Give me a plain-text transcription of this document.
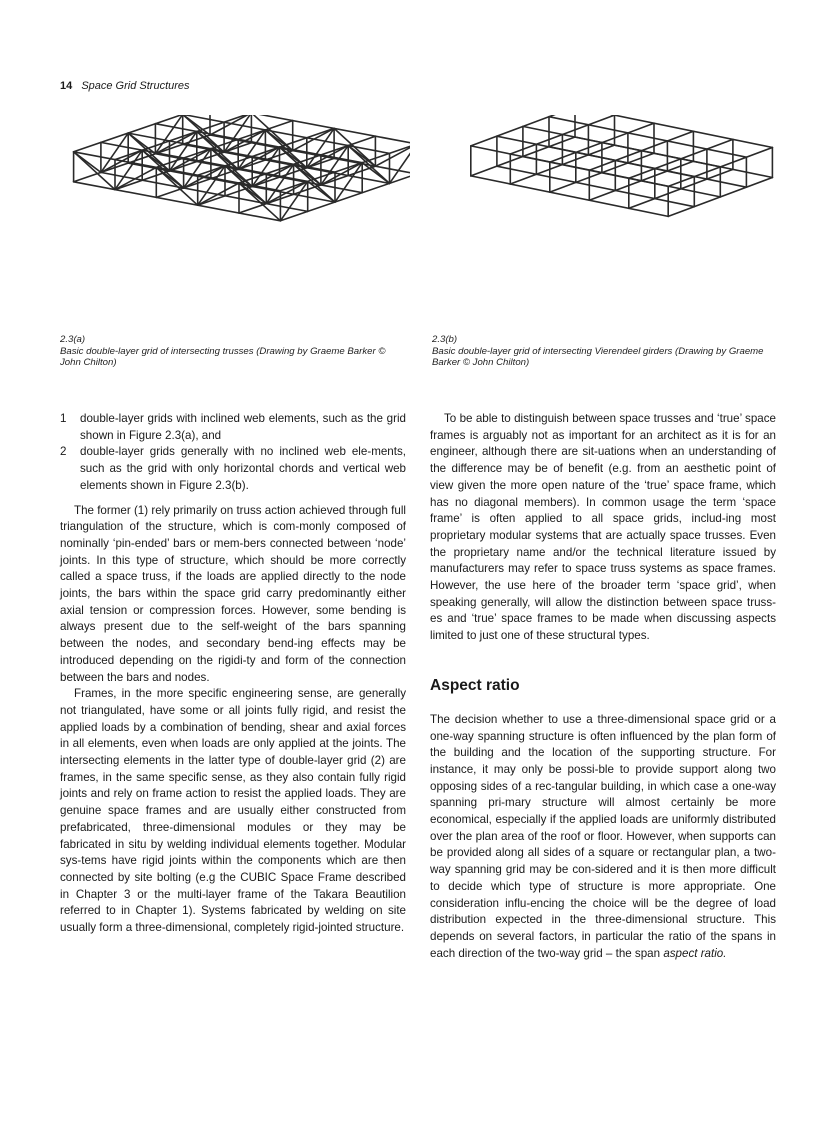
14 Space Grid Structures
2.3(a)
Basic double-layer grid of intersecting trusses (Drawing by Graeme Barker © John Chilton)
2.3(b)
Basic double-layer grid of intersecting Vierendeel girders (Drawing by Graeme Barker © John Chilton)
1 double-layer grids with inclined web elements, such as the grid shown in Figure 2.3(a), and
2 double-layer grids generally with no inclined web ele-ments, such as the grid with only horizontal chords and vertical web elements shown in Figure 2.3(b).

The former (1) rely primarily on truss action achieved through full triangulation of the structure, which is com-monly composed of nominally ‘pin-ended’ bars or mem-bers connected between ‘node’ joints. In this type of structure, which should be more correctly called a space truss, if the loads are applied directly to the node joints, the bars within the space grid carry predominantly either axial tension or compression forces. However, some bending is always present due to the self-weight of the bars spanning between the nodes, and secondary bend-ing effects may be introduced depending on the rigidi-ty and form of the connection between the bars and nodes.

Frames, in the more specific engineering sense, are generally not triangulated, have some or all joints fully rigid, and resist the applied loads by a combination of bending, shear and axial forces in all elements, even when loads are only applied at the joints. The intersecting elements in the latter type of double-layer grid (2) are frames, in the same specific sense, as they also contain fully rigid joints and rely on frame action to resist the applied loads. They are genuine space frames and are usually either constructed from prefabricated, three-dimensional modules or they may be fabricated in situ by welding individual elements together. Modular sys-tems have rigid joints within the components which are then connected by site bolting (e.g the CUBIC Space Frame described in Chapter 3 or the multi-layer frame of the Takara Beautilion referred to in Chapter 1). Systems fabricated by welding on site usually form a three-dimensional, completely rigid-jointed structure.

To be able to distinguish between space trusses and ‘true’ space frames is arguably not as important for an architect as it is for an engineer, although there are sit-uations when an understanding of the difference may be of benefit (e.g. from an aesthetic point of view given the more open nature of the ‘true’ space frame, which has no diagonal members). In common usage the term ‘space frame’ is often applied to all space grids, includ-ing most proprietary modular systems that are actually space trusses. Even the proprietary name and/or the technical literature issued by manufacturers may refer to space truss systems as space frames. However, the use here of the broader term ‘space grid’, when speaking generally, will allow the distinction between space truss-es and ‘true’ space frames to be made when discussing aspects limited to just one of these structural types.

Aspect ratio

The decision whether to use a three-dimensional space grid or a one-way spanning structure is often influenced by the plan form of the building and the location of the supporting structure. For instance, it may only be possi-ble to provide support along two opposing sides of a rec-tangular building, in which case a one-way spanning pri-mary structure will almost certainly be more economical, especially if the applied loads are uniformly distributed over the plan area of the roof or floor. However, when supports can be provided along all sides of a square or rectangular plan, a two-way spanning grid may be con-sidered and it is then more difficult to decide which type of structure is more appropriate. One consideration influ-encing the choice will be the degree of load distribution expected in the three-dimensional structure. This depends on several factors, in particular the ratio of the spans in each direction of the two-way grid – the span aspect ratio.
